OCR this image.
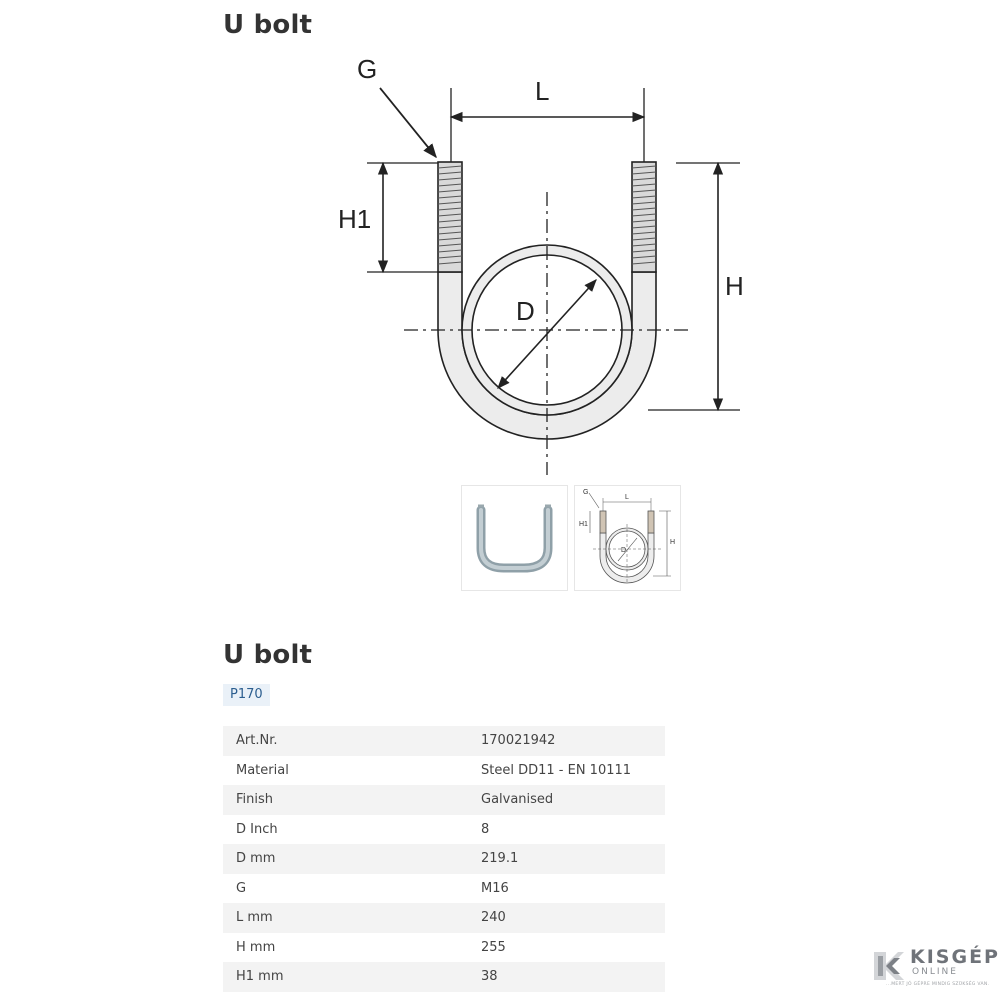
U bolt
G
L
H1
D
H
G
L
H1
D
H
U bolt
P170
Art.Nr.	170021942
Material	Steel DD11 - EN 10111
Finish	Galvanised
D Inch	8
D mm	219.1
G	M16
L mm	240
H mm	255
H1 mm	38
KISGÉP
ONLINE
...MERT JÓ GÉPRE MINDIG SZÜKSÉG VAN.
